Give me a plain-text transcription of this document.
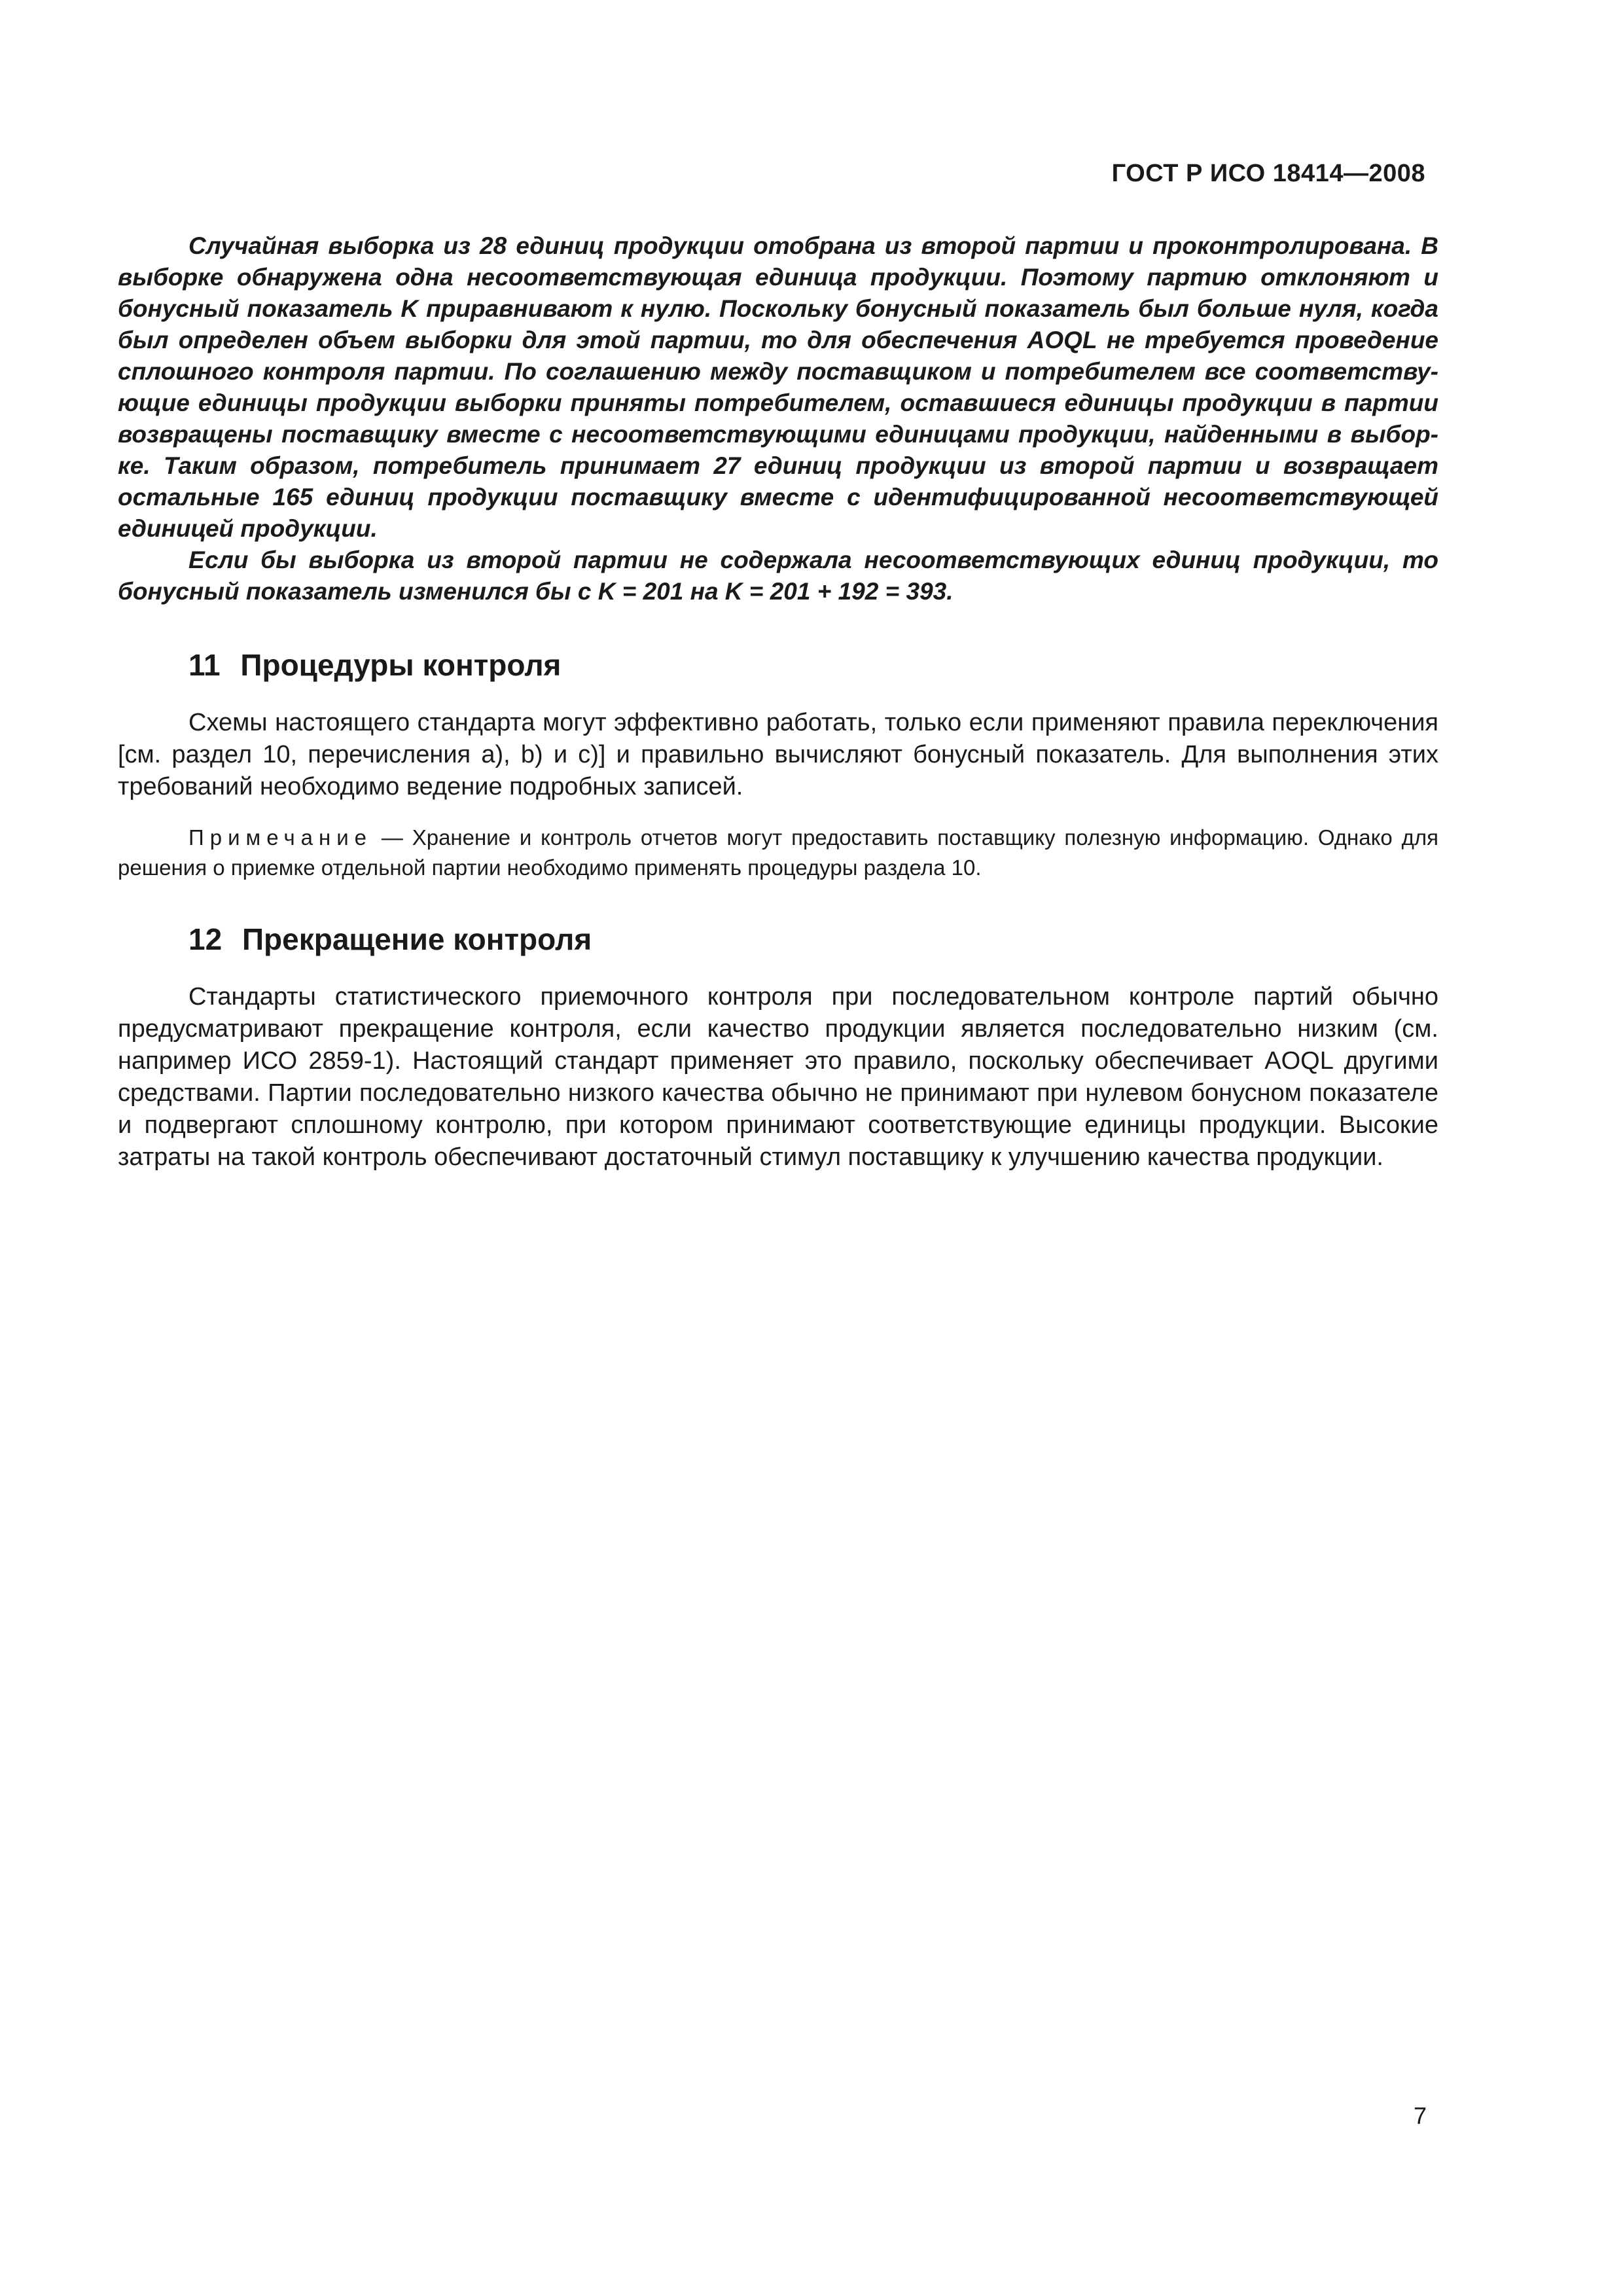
ГОСТ Р ИСО 18414—2008

Случайная выборка из 28 единиц продукции отобрана из второй партии и проконтролирована. В выборке обнаружена одна несоответствующая единица продукции. Поэтому партию отклоняют и бонусный показатель K приравнивают к нулю. Поскольку бонусный показатель был больше нуля, когда был определен объем выборки для этой партии, то для обеспечения AOQL не требуется проведение сплошного контроля партии. По соглашению между поставщиком и потребителем все соответствующие единицы продукции выборки приняты потребителем, оставшиеся единицы продукции в партии возвращены поставщику вместе с несоответствующими единицами продукции, найденными в выборке. Таким образом, потребитель принимает 27 единиц продукции из второй партии и возвращает остальные 165 единиц продукции поставщику вместе с идентифицированной несоответствующей единицей продукции.

Если бы выборка из второй партии не содержала несоответствующих единиц продукции, то бонусный показатель изменился бы с K = 201 на K = 201 + 192 = 393.

11 Процедуры контроля

Схемы настоящего стандарта могут эффективно работать, только если применяют правила переключения [см. раздел 10, перечисления a), b) и c)] и правильно вычисляют бонусный показатель. Для выполнения этих требований необходимо ведение подробных записей.

Примечание — Хранение и контроль отчетов могут предоставить поставщику полезную информацию. Однако для решения о приемке отдельной партии необходимо применять процедуры раздела 10.

12 Прекращение контроля

Стандарты статистического приемочного контроля при последовательном контроле партий обычно предусматривают прекращение контроля, если качество продукции является последовательно низким (см. например ИСО 2859-1). Настоящий стандарт применяет это правило, поскольку обеспечивает AOQL другими средствами. Партии последовательно низкого качества обычно не принимают при нулевом бонусном показателе и подвергают сплошному контролю, при котором принимают соответствующие единицы продукции. Высокие затраты на такой контроль обеспечивают достаточный стимул поставщику к улучшению качества продукции.

7
